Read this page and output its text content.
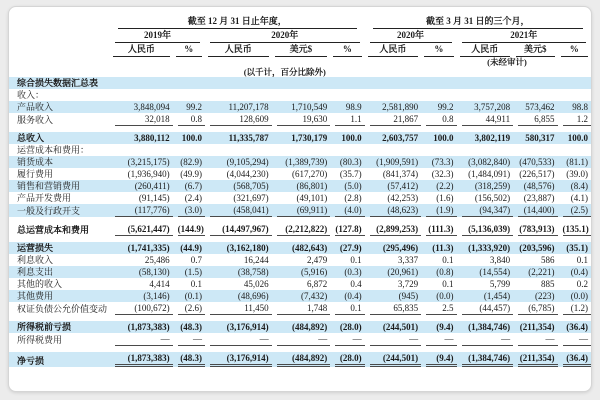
	截至 12 月 31 日止年度，					截至 3 月 31 日的三个月，				

	2019年		2020年			2020年		2021年		

	人民币	%	人民币	美元$	%	人民币	%	人民币	美元$	%

								(未经审计)		
			(以千计，百分比除外)							
综合损失数据汇总表	

收入：	

产品收入	3,848,094	99.2	11,207,178	1,710,549	98.9	2,581,890	99.2	3,757,208	573,462	98.8

服务收入	32,018	0.8	128,609	19,630	1.1	21,867	0.8	44,911	6,855	1.2

总收入	3,880,112	100.0	11,335,787	1,730,179	100.0	2,603,757	100.0	3,802,119	580,317	100.0

运营成本和费用：	

销货成本	(3,215,175)	(82.9)	(9,105,294)	(1,389,739)	(80.3)	(1,909,591)	(73.3)	(3,082,840)	(470,533)	(81.1)

履行费用	(1,936,940)	(49.9)	(4,044,230)	(617,270)	(35.7)	(841,374)	(32.3)	(1,484,091)	(226,517)	(39.0)

销售和营销费用	(260,411)	(6.7)	(568,705)	(86,801)	(5.0)	(57,412)	(2.2)	(318,259)	(48,576)	(8.4)

产品开发费用	(91,145)	(2.4)	(321,697)	(49,101)	(2.8)	(42,253)	(1.6)	(156,502)	(23,887)	(4.1)

一般及行政开支	(117,776)	(3.0)	(458,041)	(69,911)	(4.0)	(48,623)	(1.9)	(94,347)	(14,400)	(2.5)

总运营成本和费用	(5,621,447)	(144.9)	(14,497,967)	(2,212,822)	(127.8)	(2,899,253)	(111.3)	(5,136,039)	(783,913)	(135.1)

运营损失	(1,741,335)	(44.9)	(3,162,180)	(482,643)	(27.9)	(295,496)	(11.3)	(1,333,920)	(203,596)	(35.1)

利息收入	25,486	0.7	16,244	2,479	0.1	3,337	0.1	3,840	586	0.1

利息支出	(58,130)	(1.5)	(38,758)	(5,916)	(0.3)	(20,961)	(0.8)	(14,554)	(2,221)	(0.4)

其他的收入	4,414	0.1	45,026	6,872	0.4	3,729	0.1	5,799	885	0.2

其他费用	(3,146)	(0.1)	(48,696)	(7,432)	(0.4)	(945)	(0.0)	(1,454)	(223)	(0.0)

权证负债公允价值变动	(100,672)	(2.6)	11,450	1,748	0.1	65,835	2.5	(44,457)	(6,785)	(1.2)

所得税前亏损	(1,873,383)	(48.3)	(3,176,914)	(484,892)	(28.0)	(244,501)	(9.4)	(1,384,746)	(211,354)	(36.4)

所得税费用	—	—	—	—	—	—	—	—	—	—

净亏损	(1,873,383)	(48.3)	(3,176,914)	(484,892)	(28.0)	(244,501)	(9.4)	(1,384,746)	(211,354)	(36.4)
